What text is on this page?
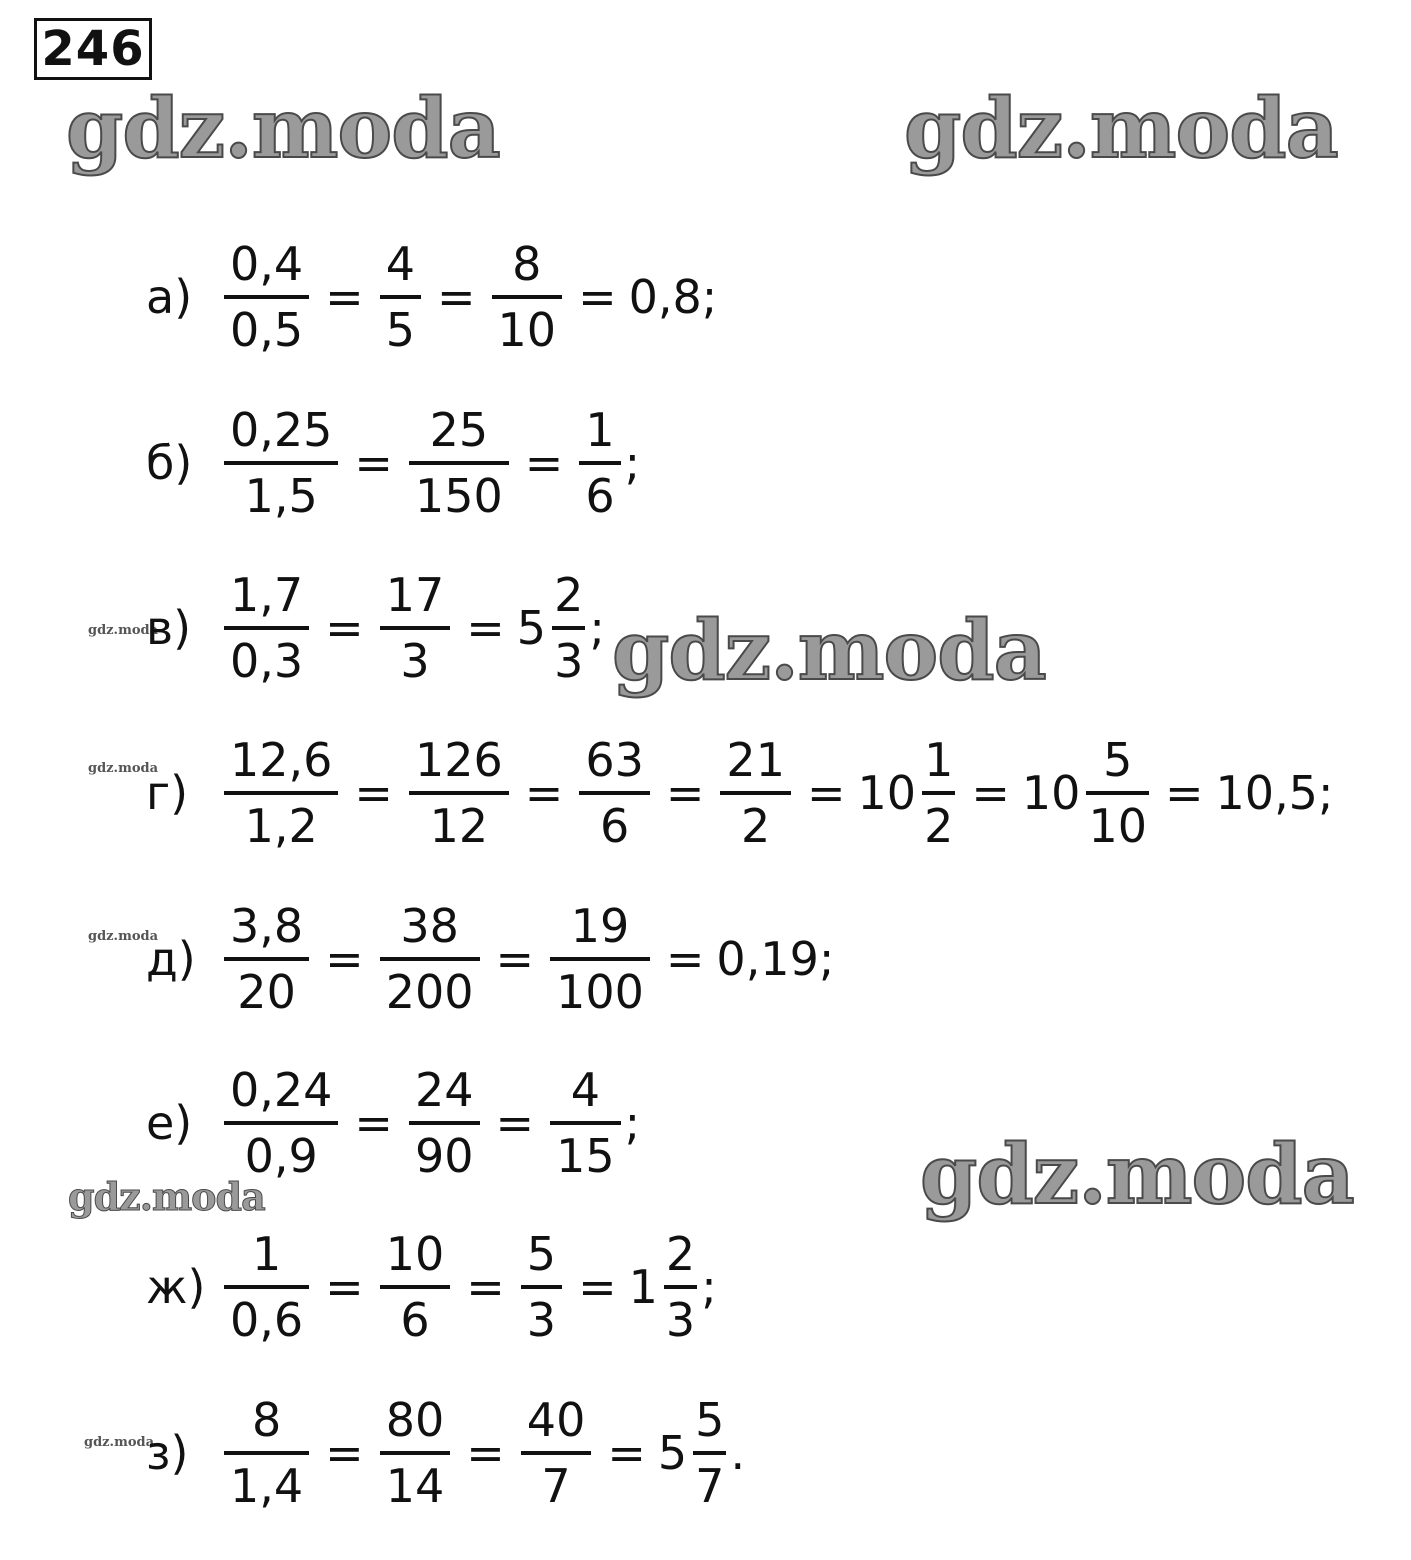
246
gdz.moda	gdz.moda
gdz.moda
gdz.moda
gdz.moda
gdz.moda
gdz.moda
gdz.moda
gdz.moda
$а) \frac{0,4}{0,5} = \frac{4}{5} = \frac{8}{10} = 0,8$;
$б) \frac{0,25}{1,5} = \frac{25}{150} = \frac{1}{6}$ ;
$в) \frac{1,7}{0,3} = \frac{17}{3} = 5 \frac{2}{3}$ ;
$г) \frac{12,6}{1,2} = \frac{126}{12} = \frac{63}{6} = \frac{21}{2} = 10 \frac{1}{2} = 10 \frac{5}{10} = 10,5$;
$д) \frac{3,8}{20} = \frac{38}{200} = \frac{19}{100} = 0,19$;
$е) \frac{0,24}{0,9} = \frac{24}{90} = \frac{4}{15}$ ;
$ж) \frac{1}{0,6} = \frac{10}{6} = \frac{5}{3} = 1 \frac{2}{3}$ ;
$з) \frac{8}{1,4} = \frac{80}{14} = \frac{40}{7} = 5 \frac{5}{7}$ .
